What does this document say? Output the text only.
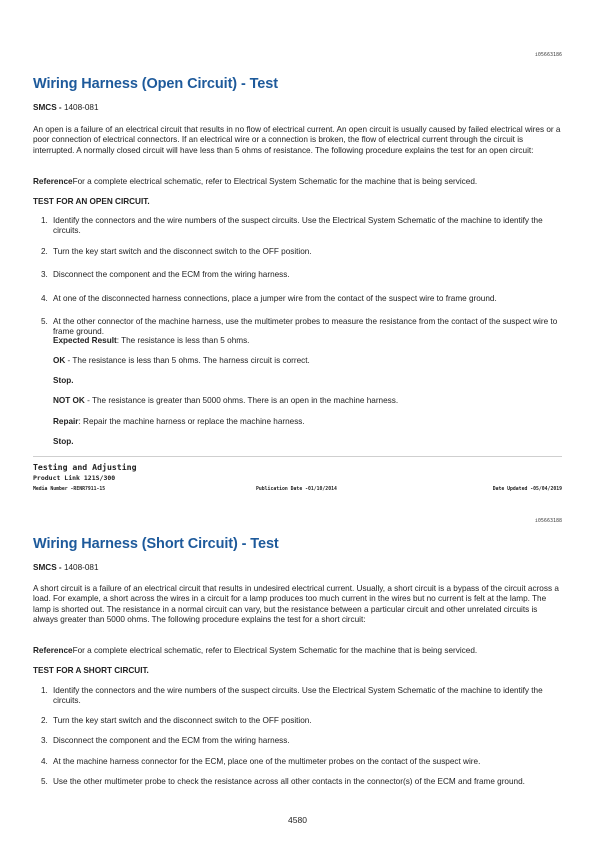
i05663186
Wiring Harness (Open Circuit) - Test
SMCS - 1408-081

An open is a failure of an electrical circuit that results in no flow of electrical current. An open circuit is usually caused by failed electrical wires or a poor connection of electrical connectors. If an electrical wire or a connection is broken, the flow of electrical current through the circuit is interrupted. A normally closed circuit will have less than 5 ohms of resistance. The following procedure explains the test for an open circuit:

ReferenceFor a complete electrical schematic, refer to Electrical System Schematic for the machine that is being serviced.
TEST FOR AN OPEN CIRCUIT.
1. Identify the connectors and the wire numbers of the suspect circuits. Use the Electrical System Schematic of the machine to identify the circuits.
2. Turn the key start switch and the disconnect switch to the OFF position.
3. Disconnect the component and the ECM from the wiring harness.
4. At one of the disconnected harness connections, place a jumper wire from the contact of the suspect wire to frame ground.
5. At the other connector of the machine harness, use the multimeter probes to measure the resistance from the contact of the suspect wire to frame ground.
Expected Result: The resistance is less than 5 ohms.
OK - The resistance is less than 5 ohms. The harness circuit is correct.
Stop.
NOT OK - The resistance is greater than 5000 ohms. There is an open in the machine harness.
Repair: Repair the machine harness or replace the machine harness.
Stop.
Testing and Adjusting
Product Link 121S/300
Media Number -RENR7911-15	Publication Date -01/10/2014	Date Updated -05/04/2019
i05663188
Wiring Harness (Short Circuit) - Test
SMCS - 1408-081

A short circuit is a failure of an electrical circuit that results in undesired electrical current. Usually, a short circuit is a bypass of the circuit across a load. For example, a short across the wires in a circuit for a lamp produces too much current in the wires but no current is felt at the lamp. The lamp is shorted out. The resistance in a normal circuit can vary, but the resistance between a particular circuit and other unrelated circuits is always greater than 5000 ohms. The following procedure explains the test for a short circuit:

ReferenceFor a complete electrical schematic, refer to Electrical System Schematic for the machine that is being serviced.
TEST FOR A SHORT CIRCUIT.
1. Identify the connectors and the wire numbers of the suspect circuits. Use the Electrical System Schematic of the machine to identify the circuits.
2. Turn the key start switch and the disconnect switch to the OFF position.
3. Disconnect the component and the ECM from the wiring harness.
4. At the machine harness connector for the ECM, place one of the multimeter probes on the contact of the suspect wire.
5. Use the other multimeter probe to check the resistance across all other contacts in the connector(s) of the ECM and frame ground.
4580
